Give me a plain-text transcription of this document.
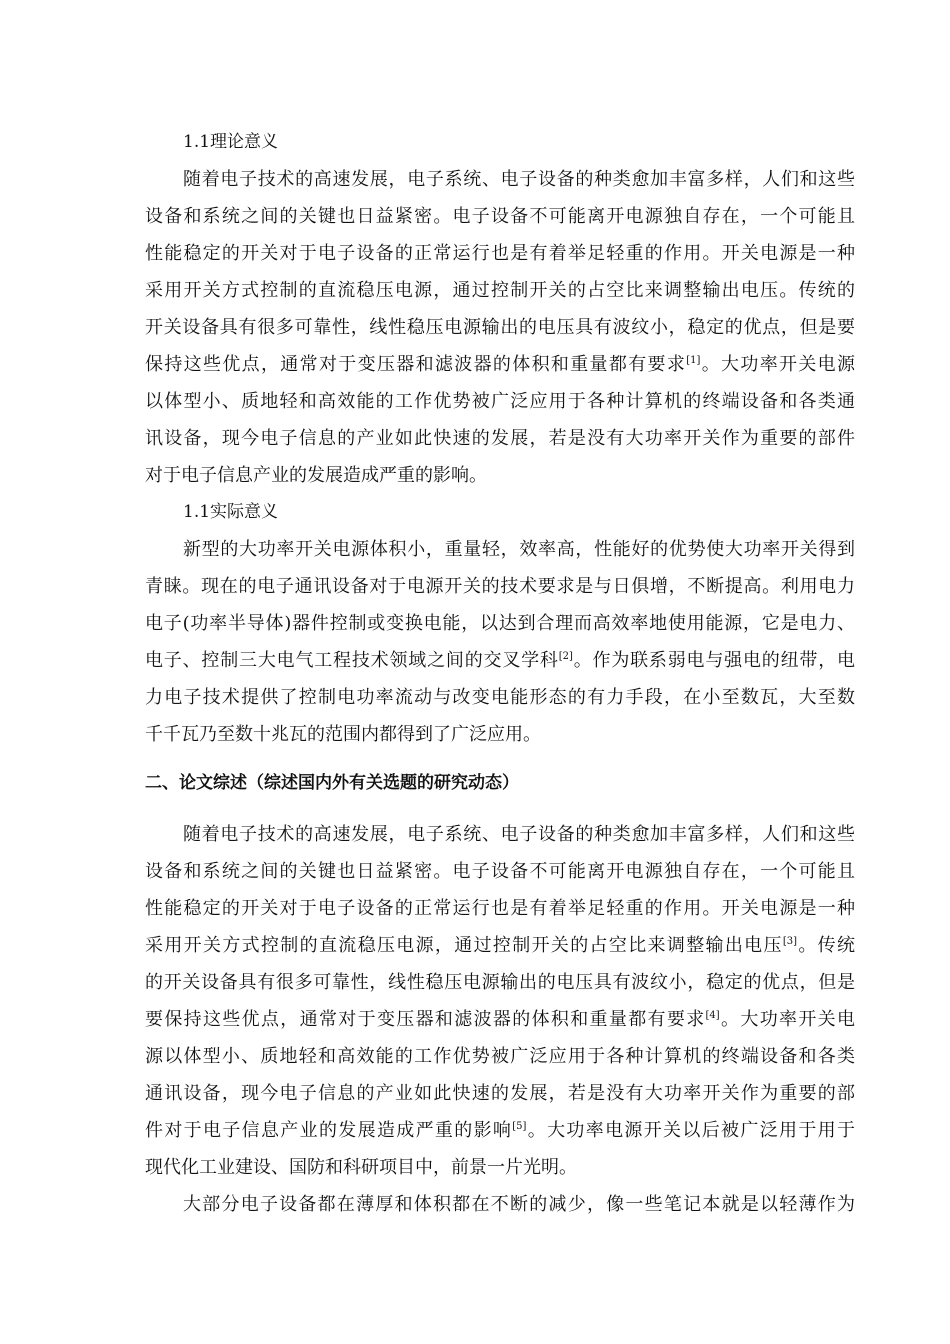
1.1理论意义
随着电子技术的高速发展，电子系统、电子设备的种类愈加丰富多样，人们和这些
设备和系统之间的关键也日益紧密。电子设备不可能离开电源独自存在，一个可能且
性能稳定的开关对于电子设备的正常运行也是有着举足轻重的作用。开关电源是一种
采用开关方式控制的直流稳压电源，通过控制开关的占空比来调整输出电压。传统的
开关设备具有很多可靠性，线性稳压电源输出的电压具有波纹小，稳定的优点，但是要
保持这些优点，通常对于变压器和滤波器的体积和重量都有要求[1]。大功率开关电源
以体型小、质地轻和高效能的工作优势被广泛应用于各种计算机的终端设备和各类通
讯设备，现今电子信息的产业如此快速的发展，若是没有大功率开关作为重要的部件
对于电子信息产业的发展造成严重的影响。
1.1实际意义
新型的大功率开关电源体积小，重量轻，效率高，性能好的优势使大功率开关得到
青睐。现在的电子通讯设备对于电源开关的技术要求是与日俱增，不断提高。利用电力
电子(功率半导体)器件控制或变换电能，以达到合理而高效率地使用能源，它是电力、
电子、控制三大电气工程技术领域之间的交叉学科[2]。作为联系弱电与强电的纽带，电
力电子技术提供了控制电功率流动与改变电能形态的有力手段，在小至数瓦，大至数
千千瓦乃至数十兆瓦的范围内都得到了广泛应用。
二、论文综述（综述国内外有关选题的研究动态）
随着电子技术的高速发展，电子系统、电子设备的种类愈加丰富多样，人们和这些
设备和系统之间的关键也日益紧密。电子设备不可能离开电源独自存在，一个可能且
性能稳定的开关对于电子设备的正常运行也是有着举足轻重的作用。开关电源是一种
采用开关方式控制的直流稳压电源，通过控制开关的占空比来调整输出电压[3]。传统
的开关设备具有很多可靠性，线性稳压电源输出的电压具有波纹小，稳定的优点，但是
要保持这些优点，通常对于变压器和滤波器的体积和重量都有要求[4]。大功率开关电
源以体型小、质地轻和高效能的工作优势被广泛应用于各种计算机的终端设备和各类
通讯设备，现今电子信息的产业如此快速的发展，若是没有大功率开关作为重要的部
件对于电子信息产业的发展造成严重的影响[5]。大功率电源开关以后被广泛用于用于
现代化工业建设、国防和科研项目中，前景一片光明。
大部分电子设备都在薄厚和体积都在不断的减少，像一些笔记本就是以轻薄作为
